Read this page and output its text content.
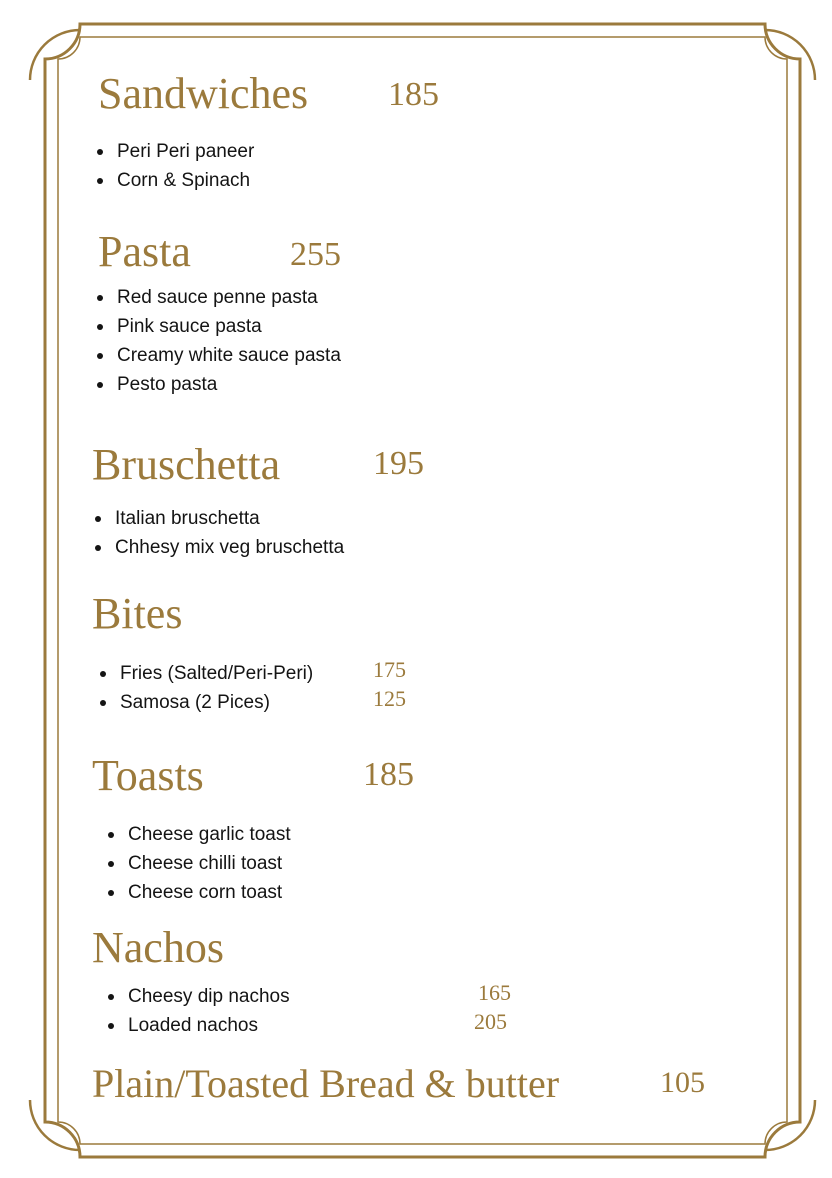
Sandwiches 185
Peri Peri paneer
Corn & Spinach
Pasta	255
Red sauce penne pasta
Pink sauce pasta
Creamy white sauce pasta
Pesto pasta
Bruschetta	195
Italian bruschetta
Chhesy mix veg bruschetta
Bites
Fries (Salted/Peri-Peri)	175
Samosa (2 Pices)	125
Toasts	185
Cheese garlic toast
Cheese chilli toast
Cheese corn toast
Nachos
Cheesy dip nachos	165
Loaded nachos	205
Plain/Toasted Bread & butter	105
